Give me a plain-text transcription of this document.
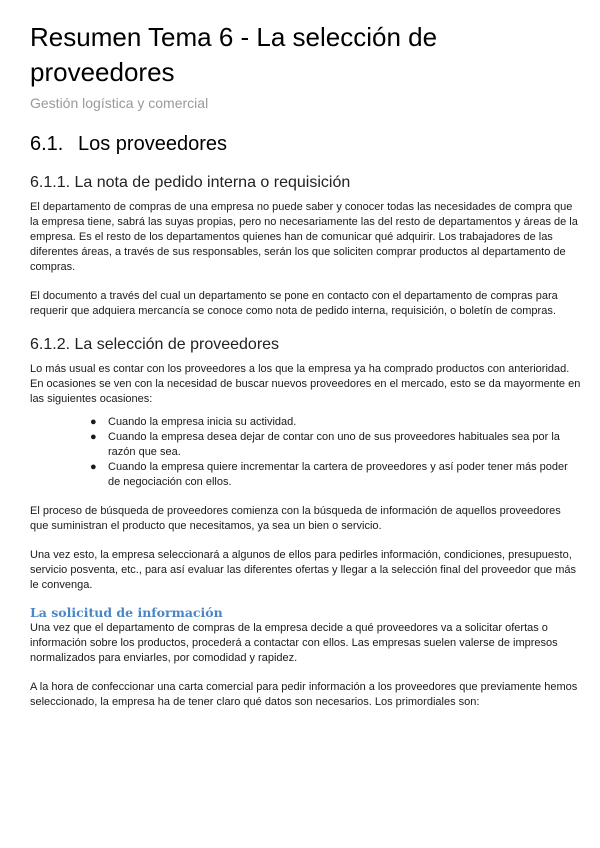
Resumen Tema 6 - La selección de proveedores
Gestión logística y comercial
6.1. Los proveedores
6.1.1. La nota de pedido interna o requisición

El departamento de compras de una empresa no puede saber y conocer todas las necesidades de compra que la empresa tiene, sabrá las suyas propias, pero no necesariamente las del resto de departamentos y áreas de la empresa. Es el resto de los departamentos quienes han de comunicar qué adquirir. Los trabajadores de las diferentes áreas, a través de sus responsables, serán los que soliciten comprar productos al departamento de compras.

El documento a través del cual un departamento se pone en contacto con el departamento de compras para requerir que adquiera mercancía se conoce como nota de pedido interna, requisición, o boletín de compras.

6.1.2. La selección de proveedores

Lo más usual es contar con los proveedores a los que la empresa ya ha comprado productos con anterioridad. En ocasiones se ven con la necesidad de buscar nuevos proveedores en el mercado, esto se da mayormente en las siguientes ocasiones:

● Cuando la empresa inicia su actividad.
● Cuando la empresa desea dejar de contar con uno de sus proveedores habituales sea por la razón que sea.
● Cuando la empresa quiere incrementar la cartera de proveedores y así poder tener más poder de negociación con ellos.

El proceso de búsqueda de proveedores comienza con la búsqueda de información de aquellos proveedores que suministran el producto que necesitamos, ya sea un bien o servicio.

Una vez esto, la empresa seleccionará a algunos de ellos para pedirles información, condiciones, presupuesto, servicio posventa, etc., para así evaluar las diferentes ofertas y llegar a la selección final del proveedor que más le convenga.

La solicitud de información

Una vez que el departamento de compras de la empresa decide a qué proveedores va a solicitar ofertas o información sobre los productos, procederá a contactar con ellos. Las empresas suelen valerse de impresos normalizados para enviarles, por comodidad y rapidez.

A la hora de confeccionar una carta comercial para pedir información a los proveedores que previamente hemos seleccionado, la empresa ha de tener claro qué datos son necesarios. Los primordiales son:
